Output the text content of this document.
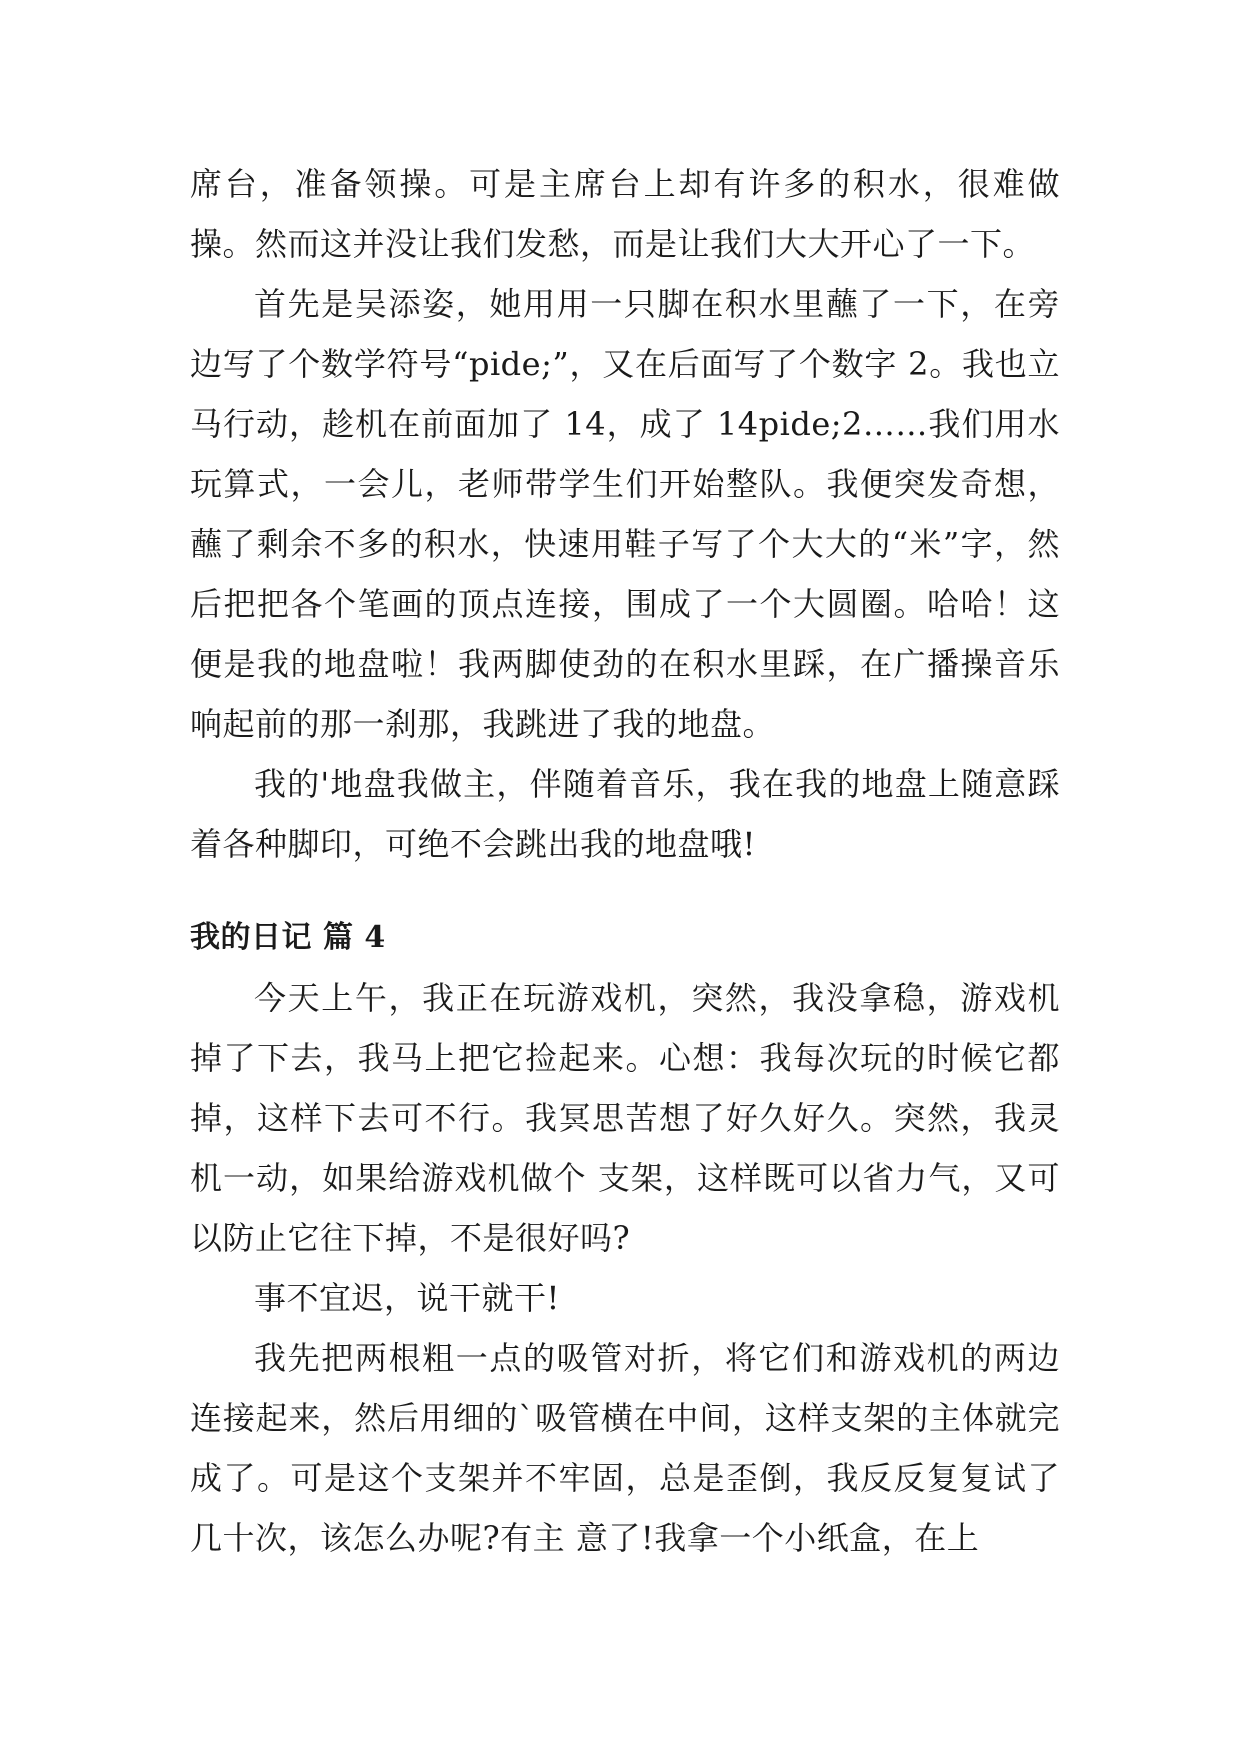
席台，准备领操。可是主席台上却有许多的积水，很难做操。然而这并没让我们发愁，而是让我们大大开心了一下。

首先是吴添姿，她用用一只脚在积水里蘸了一下，在旁边写了个数学符号“pide;”，又在后面写了个数字 2。我也立马行动，趁机在前面加了 14，成了 14pide;2……我们用水玩算式，一会儿，老师带学生们开始整队。我便突发奇想，蘸了剩余不多的积水，快速用鞋子写了个大大的“米”字，然后把把各个笔画的顶点连接，围成了一个大圆圈。哈哈！这便是我的地盘啦！我两脚使劲的在积水里踩，在广播操音乐响起前的那一刹那，我跳进了我的地盘。

我的'地盘我做主，伴随着音乐，我在我的地盘上随意踩着各种脚印，可绝不会跳出我的地盘哦!

我的日记 篇 4

今天上午，我正在玩游戏机，突然，我没拿稳，游戏机掉了下去，我马上把它捡起来。心想：我每次玩的时候它都掉，这样下去可不行。我冥思苦想了好久好久。突然，我灵机一动，如果给游戏机做个 支架，这样既可以省力气，又可以防止它往下掉，不是很好吗?

事不宜迟，说干就干!

我先把两根粗一点的吸管对折，将它们和游戏机的两边连接起来，然后用细的`吸管横在中间，这样支架的主体就完成了。可是这个支架并不牢固，总是歪倒，我反反复复试了几十次，该怎么办呢?有主 意了!我拿一个小纸盒，在上
